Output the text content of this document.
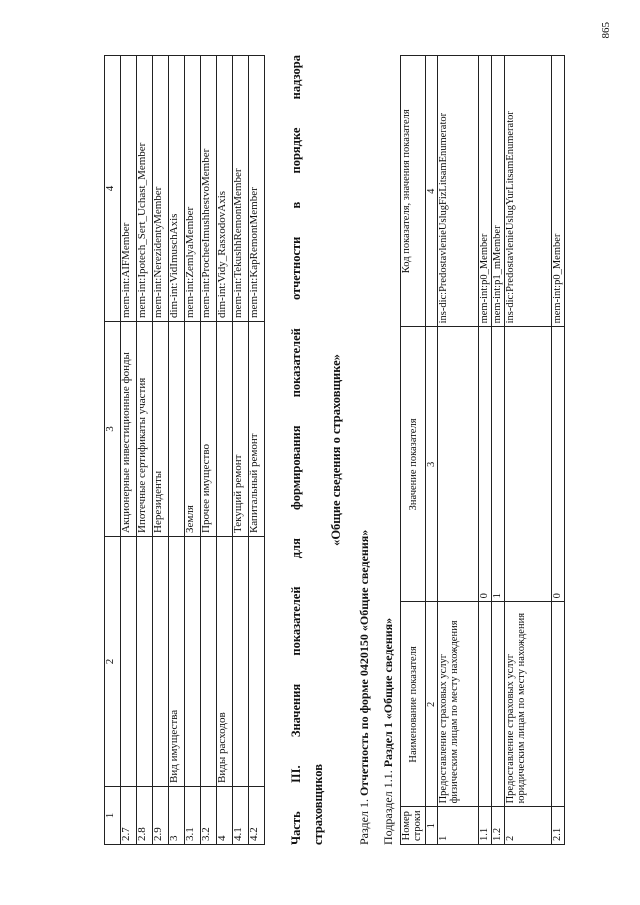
1	2	3	4
2.7		Акционерные инвестиционные фонды	mem-int:AIFMember
2.8		Ипотечные сертификаты участия	mem-int:Ipotech_Sert_Uchast_Member
2.9		Нерезиденты	mem-int:NerezidentyMember
3	Вид имущества		dim-int:VidImuschAxis
3.1		Земля	mem-int:ZemlyaMember
3.2		Прочее имущество	mem-int:ProcheeImushhestvoMember
4	Виды расходов		dim-int:Vidy_RasxodovAxis
4.1		Текущий ремонт	mem-int:TekushhRemontMember
4.2		Капитальный ремонт	mem-int:KapRemontMember Часть III. Значения показателей для формирования показателей отчетности в порядке надзора страховщиков
«Общие сведения о страховщике»
Раздел 1. Отчетность по форме 0420150 «Общие сведения»
Подраздел 1.1. Раздел 1 «Общие сведения»
Номер строки	Наименование показателя	Значение показателя	Код показателя, значения показателя
1	2	3	4
1	Предоставление страховых услуг физическим лицам по месту нахождения		ins-dic:PredostavlenieUslugFizLitsamEnumerator
1.1		0	mem-int:p0_Member
1.2		1	mem-int:p1_mMember
2	Предоставление страховых услуг юридическим лицам по месту нахождения		ins-dic:PredostavlenieUslugYurLitsamEnumerator
2.1		0	mem-int:p0_Member
865
